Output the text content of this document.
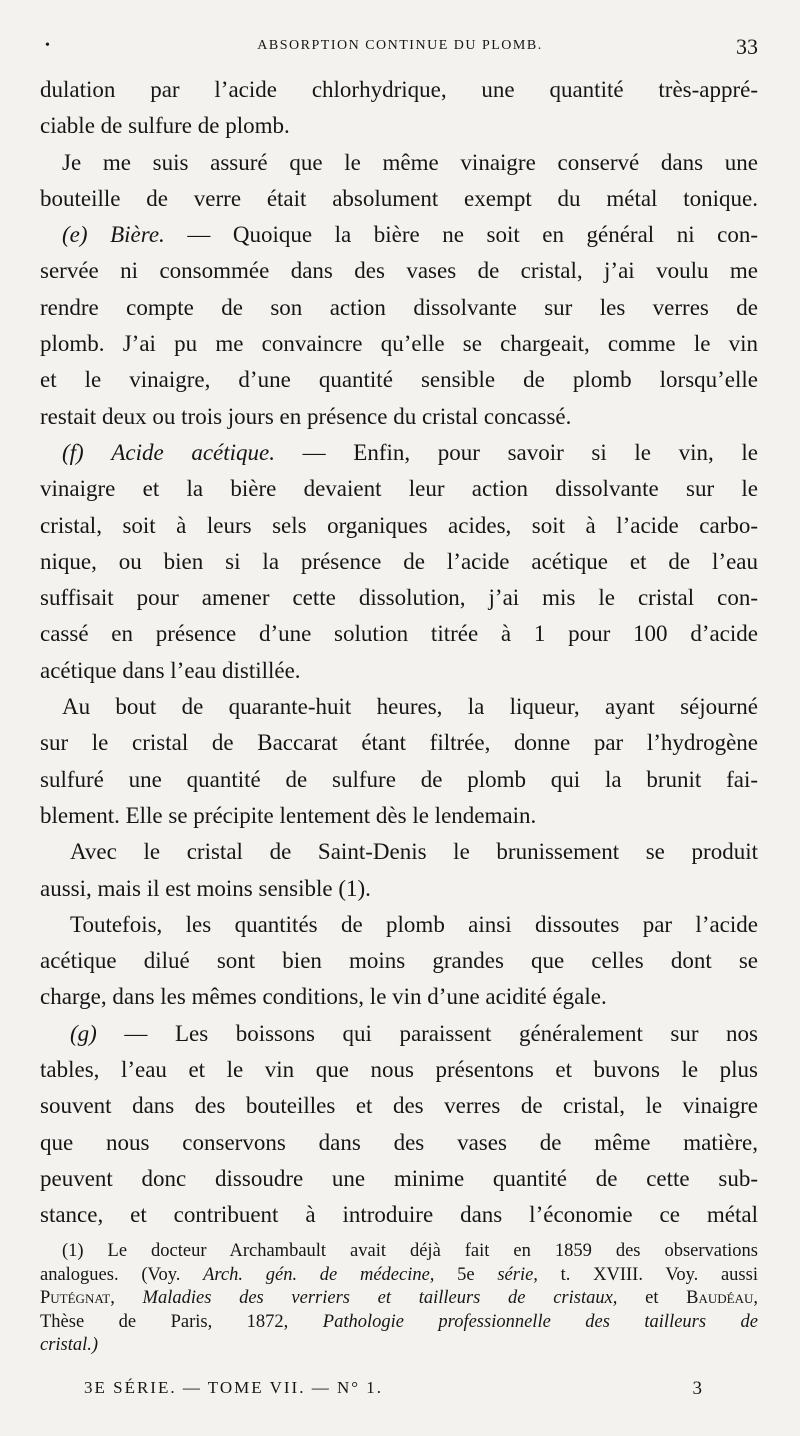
•	ABSORPTION CONTINUE DU PLOMB.	33
dulation par l’acide chlorhydrique, une quantité très-appré-
ciable de sulfure de plomb.
Je me suis assuré que le même vinaigre conservé dans une
bouteille de verre était absolument exempt du métal tonique.
(e) Bière. — Quoique la bière ne soit en général ni con-
servée ni consommée dans des vases de cristal, j’ai voulu me
rendre compte de son action dissolvante sur les verres de
plomb. J’ai pu me convaincre qu’elle se chargeait, comme le vin
et le vinaigre, d’une quantité sensible de plomb lorsqu’elle
restait deux ou trois jours en présence du cristal concassé.
(f) Acide acétique. — Enfin, pour savoir si le vin, le
vinaigre et la bière devaient leur action dissolvante sur le
cristal, soit à leurs sels organiques acides, soit à l’acide carbo-
nique, ou bien si la présence de l’acide acétique et de l’eau
suffisait pour amener cette dissolution, j’ai mis le cristal con-
cassé en présence d’une solution titrée à 1 pour 100 d’acide
acétique dans l’eau distillée.
Au bout de quarante-huit heures, la liqueur, ayant séjourné
sur le cristal de Baccarat étant filtrée, donne par l’hydrogène
sulfuré une quantité de sulfure de plomb qui la brunit fai-
blement. Elle se précipite lentement dès le lendemain.
Avec le cristal de Saint-Denis le brunissement se produit
aussi, mais il est moins sensible (1).
Toutefois, les quantités de plomb ainsi dissoutes par l’acide
acétique dilué sont bien moins grandes que celles dont se
charge, dans les mêmes conditions, le vin d’une acidité égale.
(g) — Les boissons qui paraissent généralement sur nos
tables, l’eau et le vin que nous présentons et buvons le plus
souvent dans des bouteilles et des verres de cristal, le vinaigre
que nous conservons dans des vases de même matière,
peuvent donc dissoudre une minime quantité de cette sub-
stance, et contribuent à introduire dans l’économie ce métal
(1) Le docteur Archambault avait déjà fait en 1859 des observations
analogues. (Voy. Arch. gén. de médecine, 5e série, t. XVIII. Voy. aussi
Putégnat, Maladies des verriers et tailleurs de cristaux, et Baudéau,
Thèse de Paris, 1872, Pathologie professionnelle des tailleurs de
cristal.)
3E SÉRIE. — TOME VII. — N° 1.	3
